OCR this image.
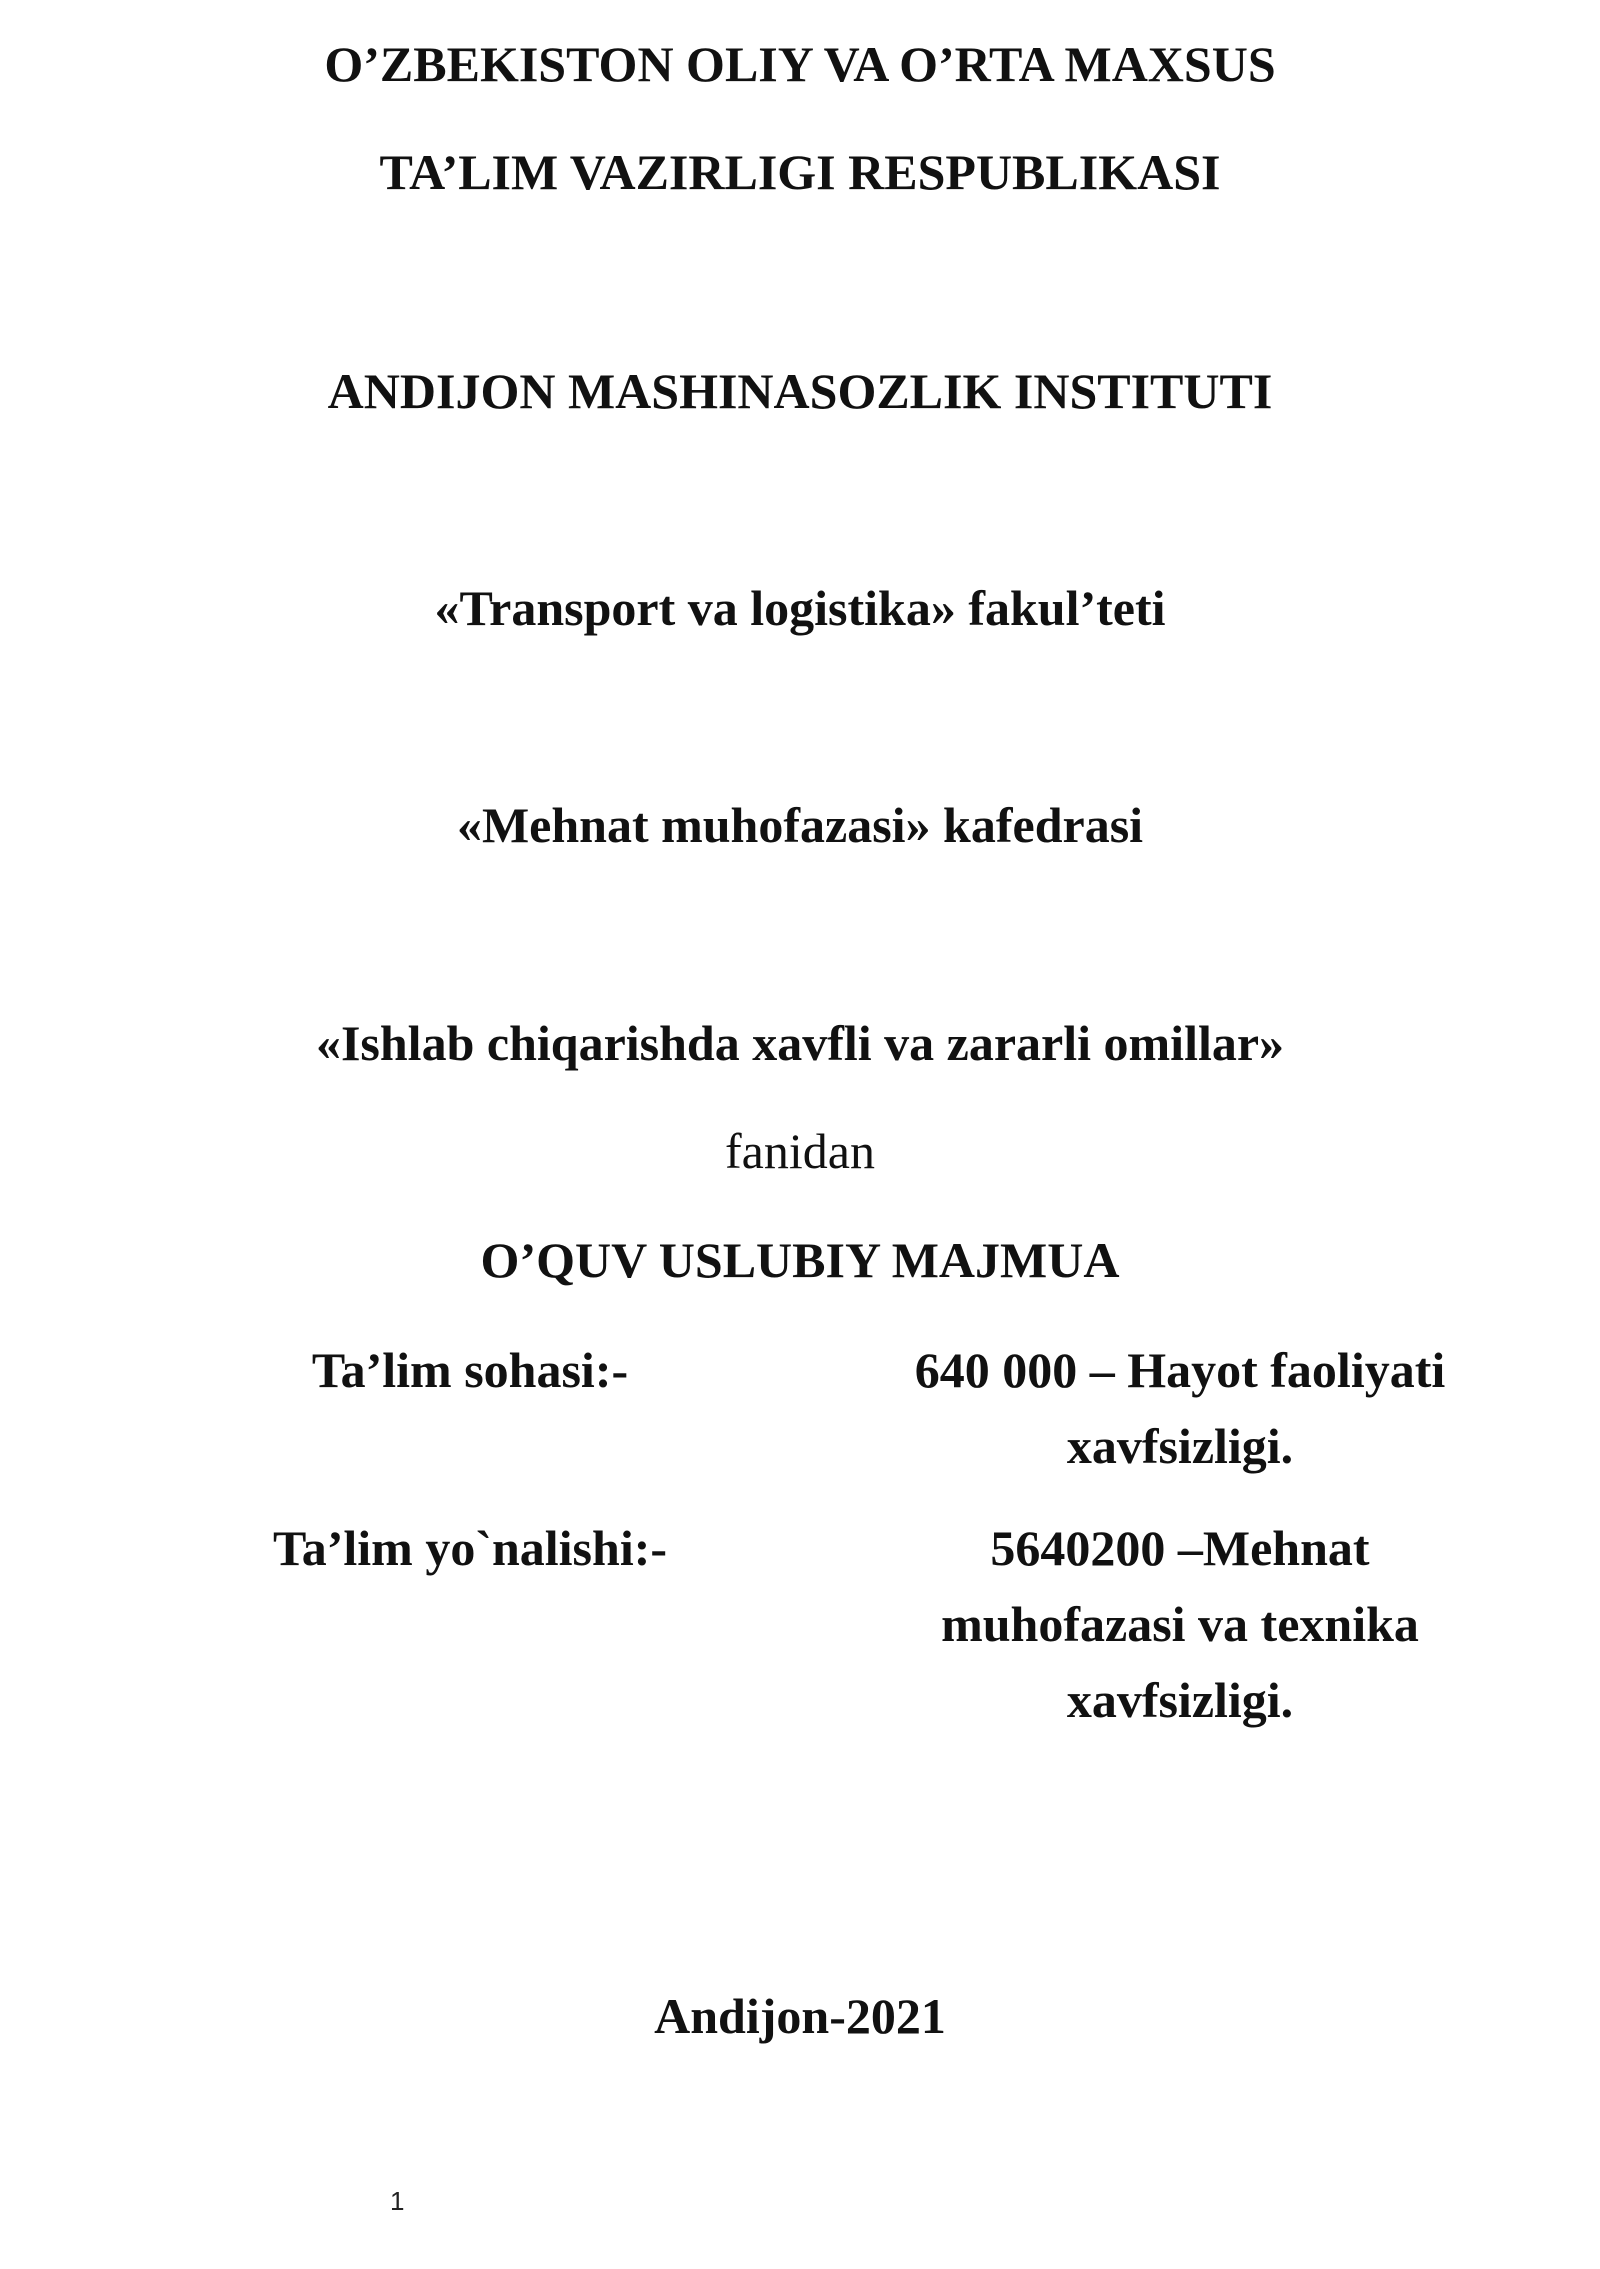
O’ZBEKISTON OLIY VA O’RTA MAXSUS
TA’LIM VAZIRLIGI RESPUBLIKASI
ANDIJON MASHINASOZLIK INSTITUTI
«Transport va logistika» fakul’teti
«Mehnat muhofazasi» kafedrasi
«Ishlab chiqarishda xavfli va zararli omillar»
fanidan
O’QUV USLUBIY MAJMUA
Ta’lim sohasi:-	640 000 – Hayot faoliyati xavfsizligi.
Ta’lim yo`nalishi:-	5640200 –Mehnat muhofazasi va texnika xavfsizligi.
Andijon-2021
1
